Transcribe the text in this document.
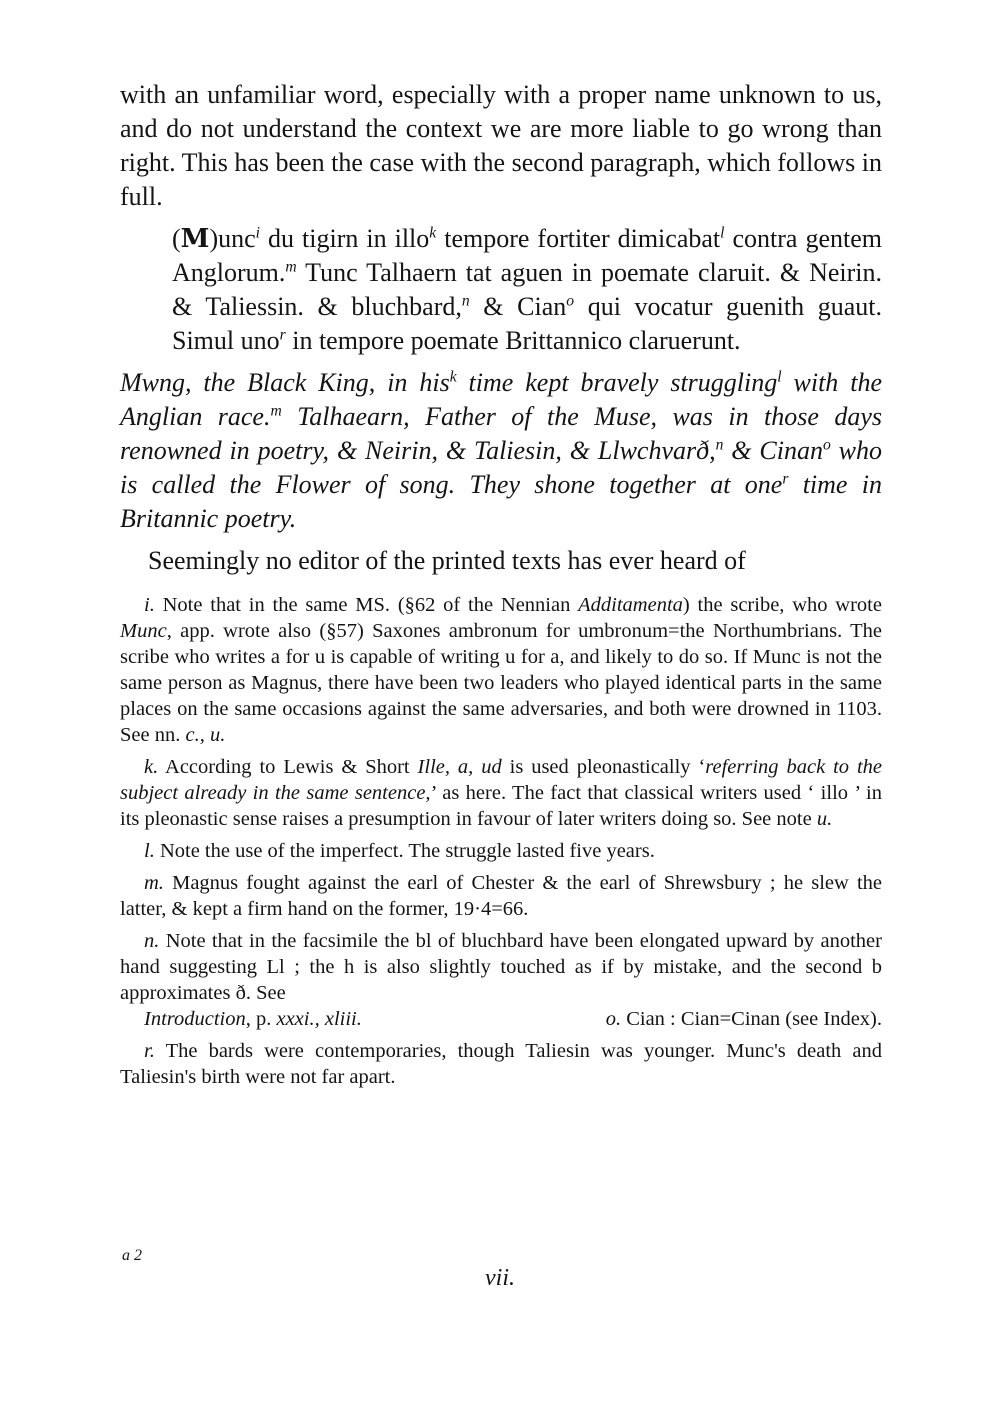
with an unfamiliar word, especially with a proper name unknown to us, and do not understand the context we are more liable to go wrong than right. This has been the case with the second paragraph, which follows in full.

(M)unc$^i$ du tigirn in illo$^k$ tempore fortiter dimicabat$^l$ contra gentem Anglorum.$^m$ Tunc Talhaern tat aguen in poemate claruit. & Neirin. & Taliessin. & bluchbard,$^n$ & Cian$^o$ qui vocatur guenith guaut. Simul uno$^r$ in tempore poemate Brittannico claruerunt.

Mwng, the Black King, in his$^k$ time kept bravely struggling$^l$ with the Anglian race.$^m$ Talhaearn, Father of the Muse, was in those days renowned in poetry, & Neirin, & Taliesin, & Llwchvarð,$^n$ & Cinan$^o$ who is called the Flower of song. They shone together at one$^r$ time in Britannic poetry.

Seemingly no editor of the printed texts has ever heard of

i. Note that in the same MS. (§62 of the Nennian Additamenta) the scribe, who wrote Munc, app. wrote also (§57) Saxones ambronum for umbronum=the Northumbrians. The scribe who writes a for u is capable of writing u for a, and likely to do so. If Munc is not the same person as Magnus, there have been two leaders who played identical parts in the same places on the same occasions against the same adversaries, and both were drowned in 1103. See nn. c., u.

k. According to Lewis & Short Ille, a, ud is used pleonastically ‘referring back to the subject already in the same sentence,’ as here. The fact that classical writers used ‘ illo ’ in its pleonastic sense raises a presumption in favour of later writers doing so. See note u.

l. Note the use of the imperfect. The struggle lasted five years.

m. Magnus fought against the earl of Chester & the earl of Shrewsbury ; he slew the latter, & kept a firm hand on the former, 19·4=66.

n. Note that in the facsimile the bl of bluchbard have been elongated upward by another hand suggesting Ll ; the h is also slightly touched as if by mistake, and the second b approximates ð. See
Introduction, p. xxxi., xliii.	o. Cian : Cian=Cinan (see Index).

r. The bards were contemporaries, though Taliesin was younger. Munc's death and Taliesin's birth were not far apart.

a 2
vii.
